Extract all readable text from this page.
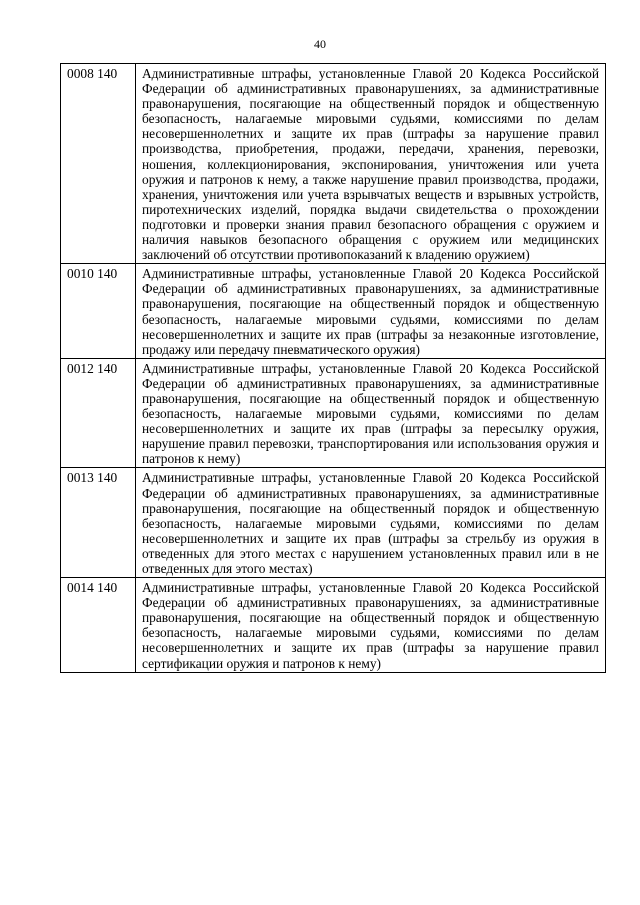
40
0008 140	Административные штрафы, установленные Главой 20 Кодекса Российской Федерации об административных правонарушениях, за административные правонарушения, посягающие на общественный порядок и общественную безопасность, налагаемые мировыми судьями, комиссиями по делам несовершеннолетних и защите их прав (штрафы за нарушение правил производства, приобретения, продажи, передачи, хранения, перевозки, ношения, коллекционирования, экспонирования, уничтожения или учета оружия и патронов к нему, а также нарушение правил производства, продажи, хранения, уничтожения или учета взрывчатых веществ и взрывных устройств, пиротехнических изделий, порядка выдачи свидетельства о прохождении подготовки и проверки знания правил безопасного обращения с оружием и наличия навыков безопасного обращения с оружием или медицинских заключений об отсутствии противопоказаний к владению оружием)
0010 140	Административные штрафы, установленные Главой 20 Кодекса Российской Федерации об административных правонарушениях, за административные правонарушения, посягающие на общественный порядок и общественную безопасность, налагаемые мировыми судьями, комиссиями по делам несовершеннолетних и защите их прав (штрафы за незаконные изготовление, продажу или передачу пневматического оружия)
0012 140	Административные штрафы, установленные Главой 20 Кодекса Российской Федерации об административных правонарушениях, за административные правонарушения, посягающие на общественный порядок и общественную безопасность, налагаемые мировыми судьями, комиссиями по делам несовершеннолетних и защите их прав (штрафы за пересылку оружия, нарушение правил перевозки, транспортирования или использования оружия и патронов к нему)
0013 140	Административные штрафы, установленные Главой 20 Кодекса Российской Федерации об административных правонарушениях, за административные правонарушения, посягающие на общественный порядок и общественную безопасность, налагаемые мировыми судьями, комиссиями по делам несовершеннолетних и защите их прав (штрафы за стрельбу из оружия в отведенных для этого местах с нарушением установленных правил или в не отведенных для этого местах)
0014 140	Административные штрафы, установленные Главой 20 Кодекса Российской Федерации об административных правонарушениях, за административные правонарушения, посягающие на общественный порядок и общественную безопасность, налагаемые мировыми судьями, комиссиями по делам несовершеннолетних и защите их прав (штрафы за нарушение правил сертификации оружия и патронов к нему)
